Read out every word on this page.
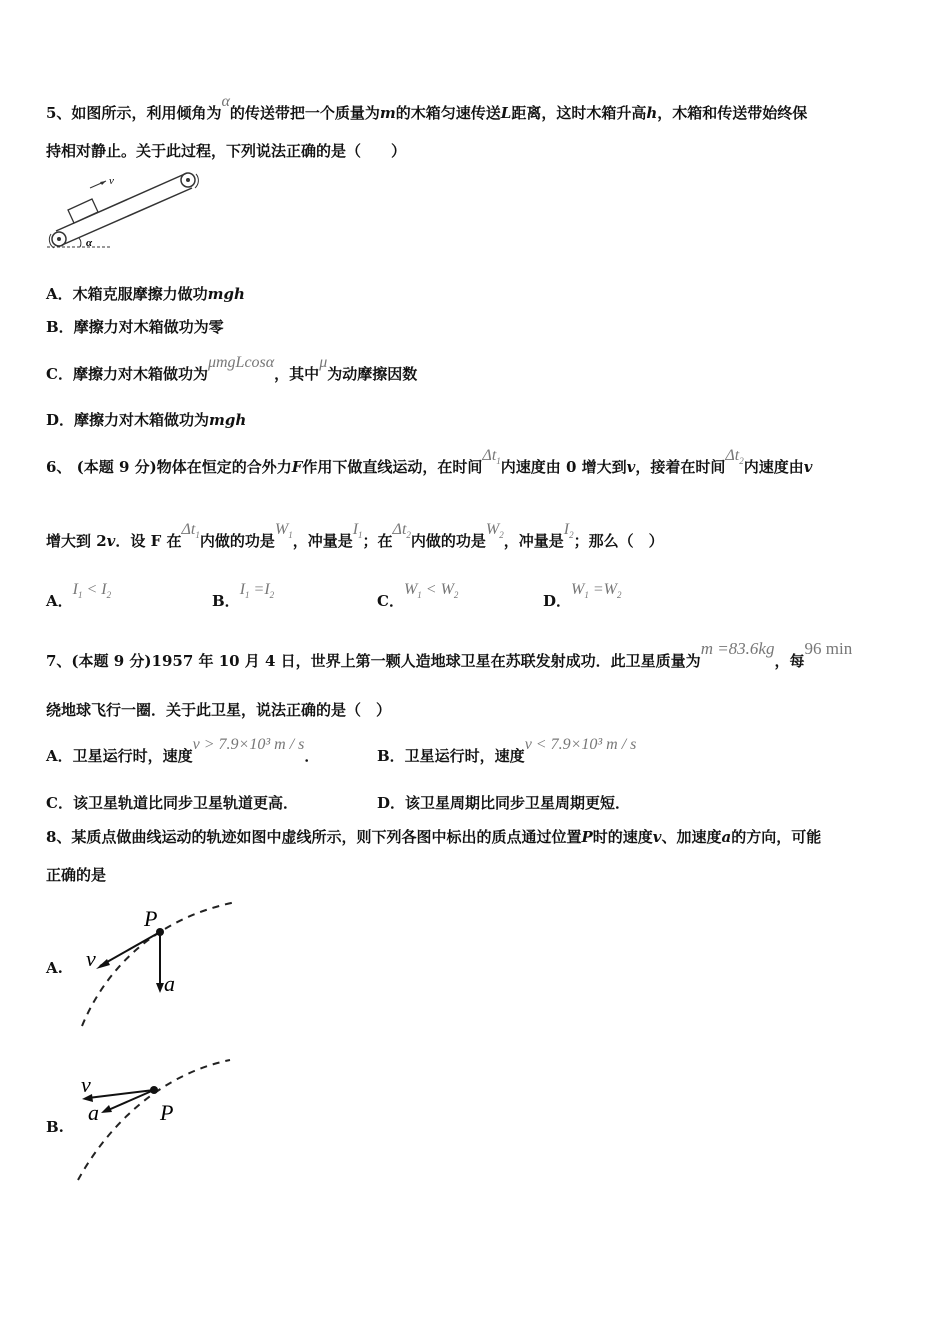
5、如图所示，利用倾角为α的传送带把一个质量为m的木箱匀速传送L距离，这时木箱升高h，木箱和传送带始终保
持相对静止。关于此过程，下列说法正确的是（　　）
v
α
A．木箱克服摩擦力做功mgh
B．摩擦力对木箱做功为零
C．摩擦力对木箱做功为μmgLcosα，其中μ为动摩擦因数
D．摩擦力对木箱做功为mgh
6、 (本题 9 分)物体在恒定的合外力F作用下做直线运动，在时间$\Delta t_1$内速度由 0 增大到v，接着在时间$\Delta t_2$内速度由v
增大到 2v．设 F 在$\Delta t_1$内做的功是$W_1$，冲量是$I_1$；在$\Delta t_2$内做的功是$W_2$，冲量是$I_2$；那么（　）
A．$I_1 < I_2$	B．$I_1 =I_2$	C．$W_1 < W_2$	D．$W_1 =W_2$
7、(本题 9 分)1957 年 10 月 4 日，世界上第一颗人造地球卫星在苏联发射成功．此卫星质量为m =83.6kg，每96 min
绕地球飞行一圈．关于此卫星，说法正确的是（　）
A．卫星运行时，速度v > 7.9×10³ m / s．	B．卫星运行时，速度v < 7.9×10³ m / s
C．该卫星轨道比同步卫星轨道更高．	D．该卫星周期比同步卫星周期更短．
8、某质点做曲线运动的轨迹如图中虚线所示，则下列各图中标出的质点通过位置P时的速度v、加速度a的方向，可能
正确的是
A.
P
v
a
B.
v
a	P
